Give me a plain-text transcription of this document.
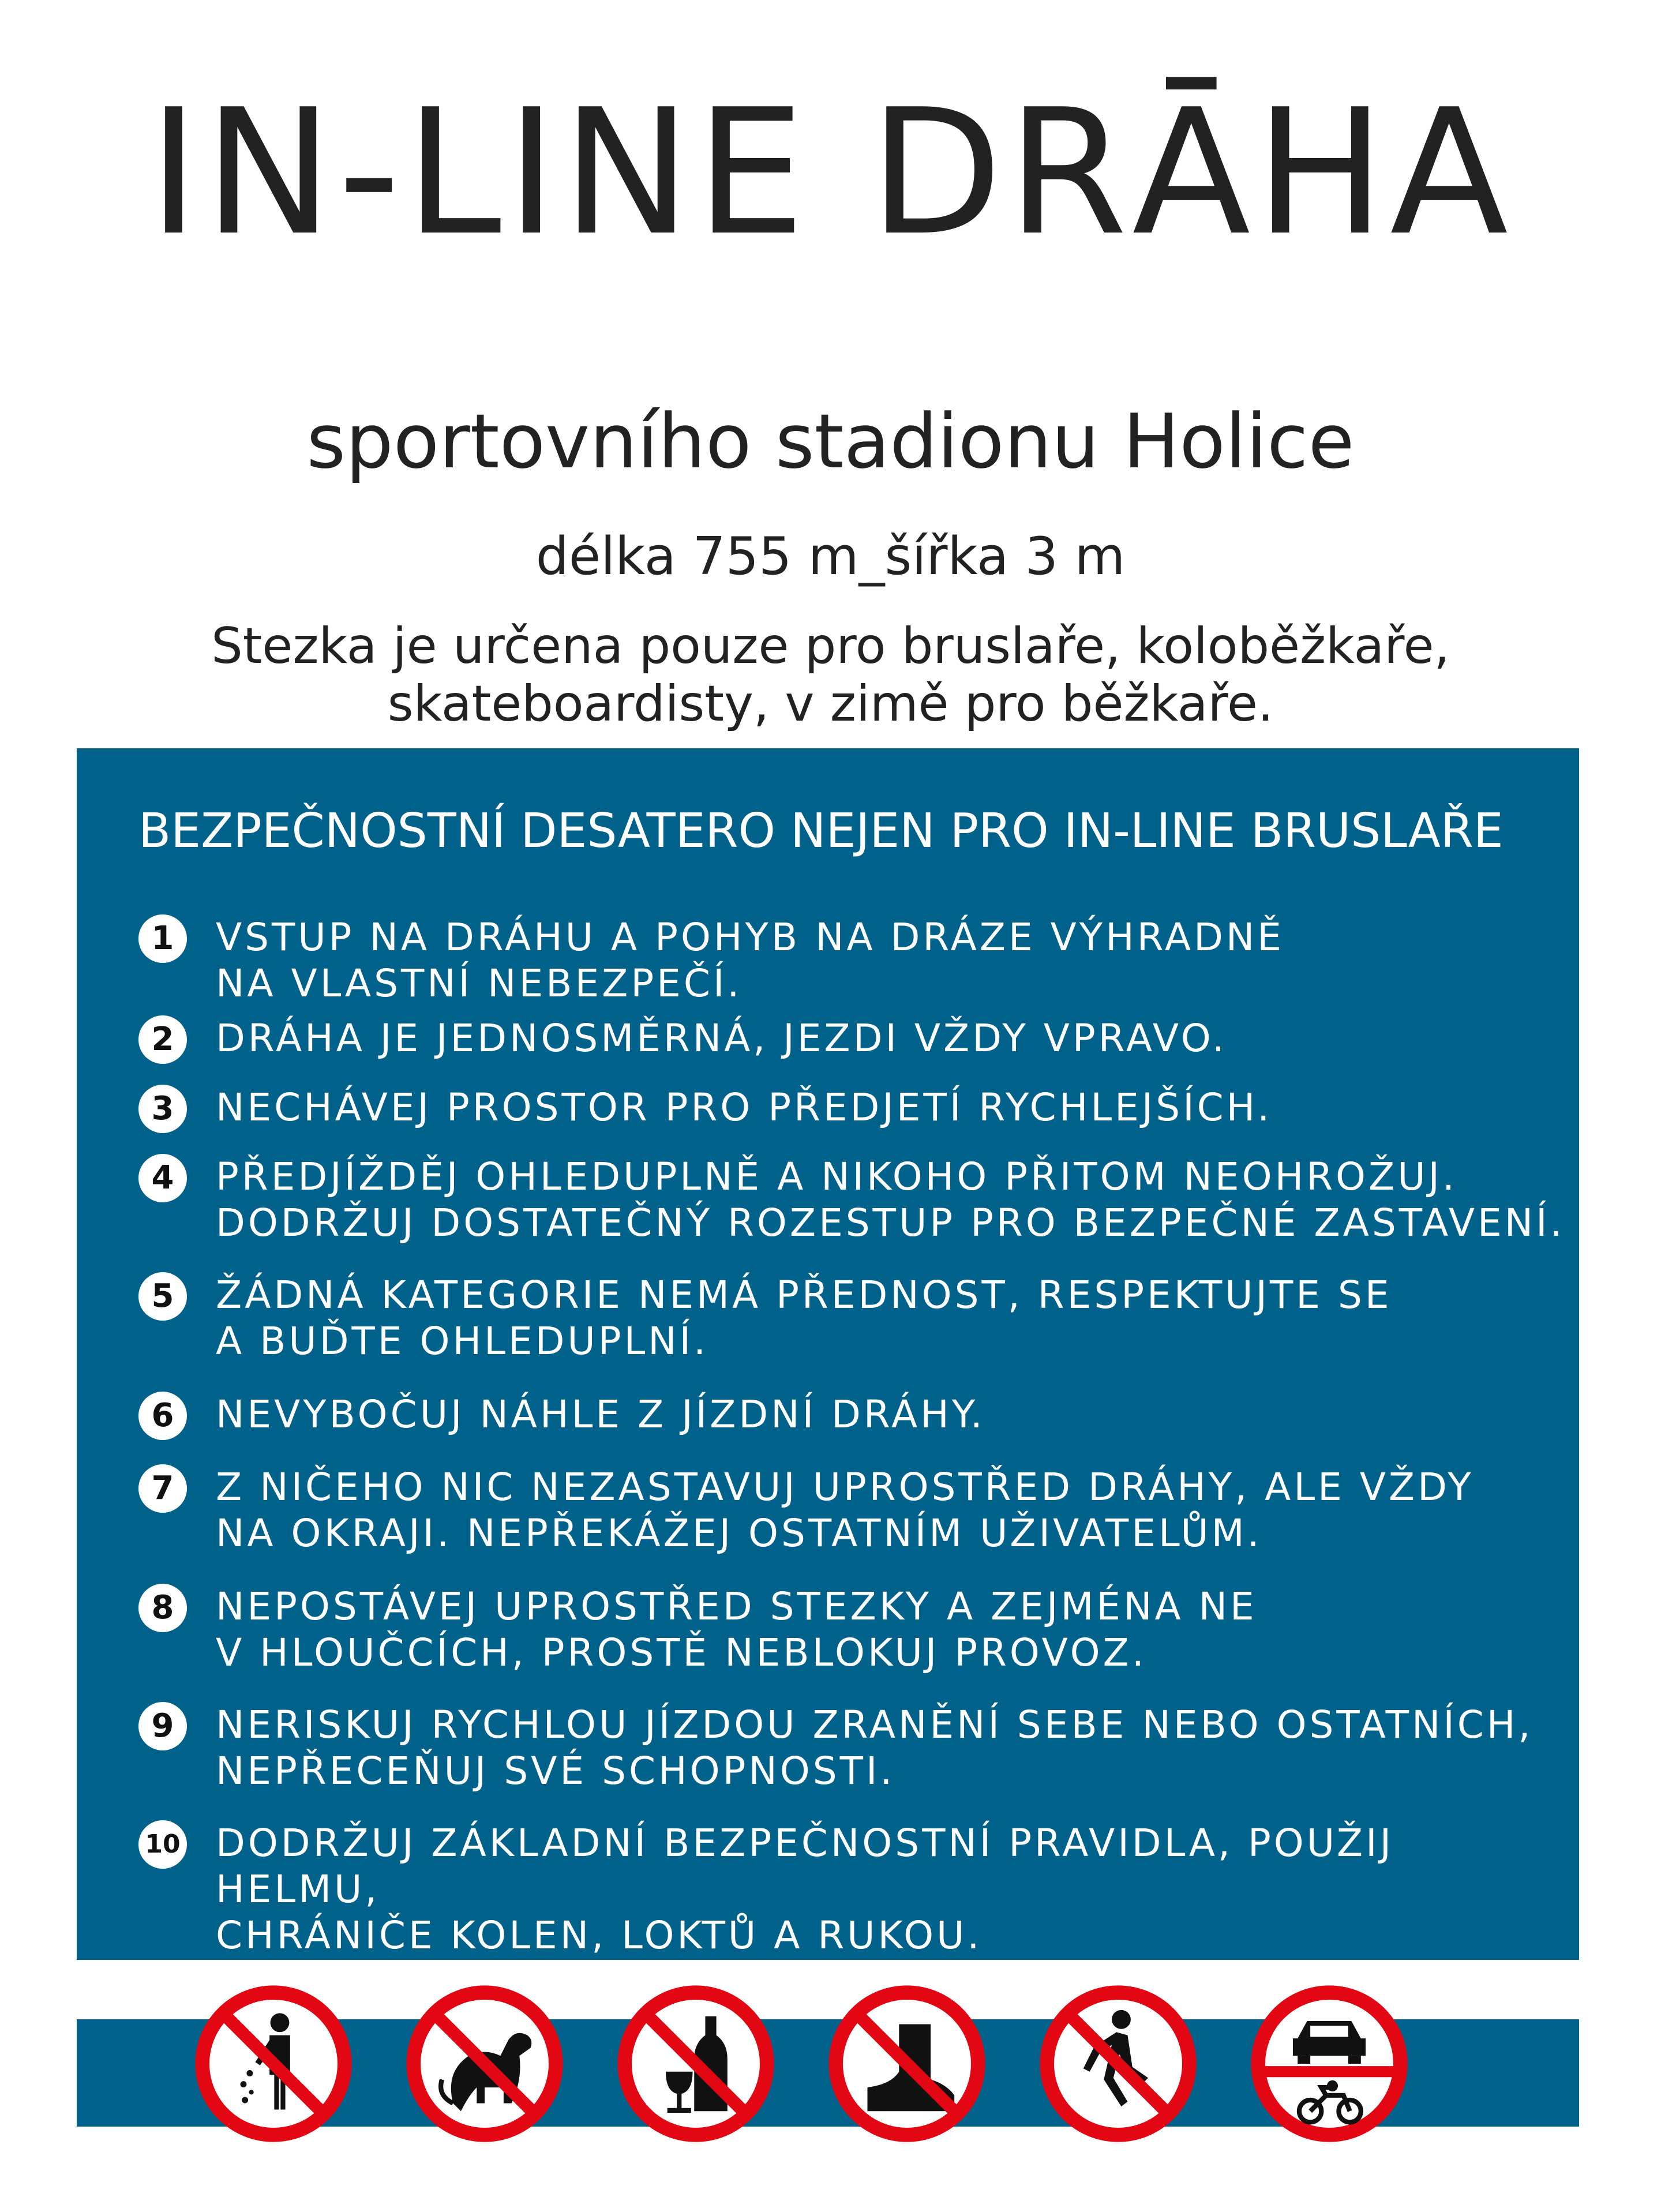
IN-LINE DRĀHA
sportovního stadionu Holice
délka 755 m_šířka 3 m
Stezka je určena pouze pro bruslaře, koloběžkaře,
skateboardisty, v zimě pro běžkaře.
BEZPEČNOSTNÍ DESATERO NEJEN PRO IN-LINE BRUSLAŘE
1	VSTUP NA DRÁHU A POHYB NA DRÁZE VÝHRADNĚ
NA VLASTNÍ NEBEZPEČÍ.
2	DRÁHA JE JEDNOSMĚRNÁ, JEZDI VŽDY VPRAVO.
3	NECHÁVEJ PROSTOR PRO PŘEDJETÍ RYCHLEJŠÍCH.
4	PŘEDJÍŽDĚJ OHLEDUPLNĚ A NIKOHO PŘITOM NEOHROŽUJ.
DODRŽUJ DOSTATEČNÝ ROZESTUP PRO BEZPEČNÉ ZASTAVENÍ.
5	ŽÁDNÁ KATEGORIE NEMÁ PŘEDNOST, RESPEKTUJTE SE
A BUĎTE OHLEDUPLNÍ.
6	NEVYBOČUJ NÁHLE Z JÍZDNÍ DRÁHY.
7	Z NIČEHO NIC NEZASTAVUJ UPROSTŘED DRÁHY, ALE VŽDY
NA OKRAJI. NEPŘEKÁŽEJ OSTATNÍM UŽIVATELŮM.
8	NEPOSTÁVEJ UPROSTŘED STEZKY A ZEJMÉNA NE
V HLOUČCÍCH, PROSTĚ NEBLOKUJ PROVOZ.
9	NERISKUJ RYCHLOU JÍZDOU ZRANĚNÍ SEBE NEBO OSTATNÍCH,
NEPŘECEŇUJ SVÉ SCHOPNOSTI.
10 DODRŽUJ ZÁKLADNÍ BEZPEČNOSTNÍ PRAVIDLA, POUŽIJ HELMU,
CHRÁNIČE KOLEN, LOKTŮ A RUKOU.
